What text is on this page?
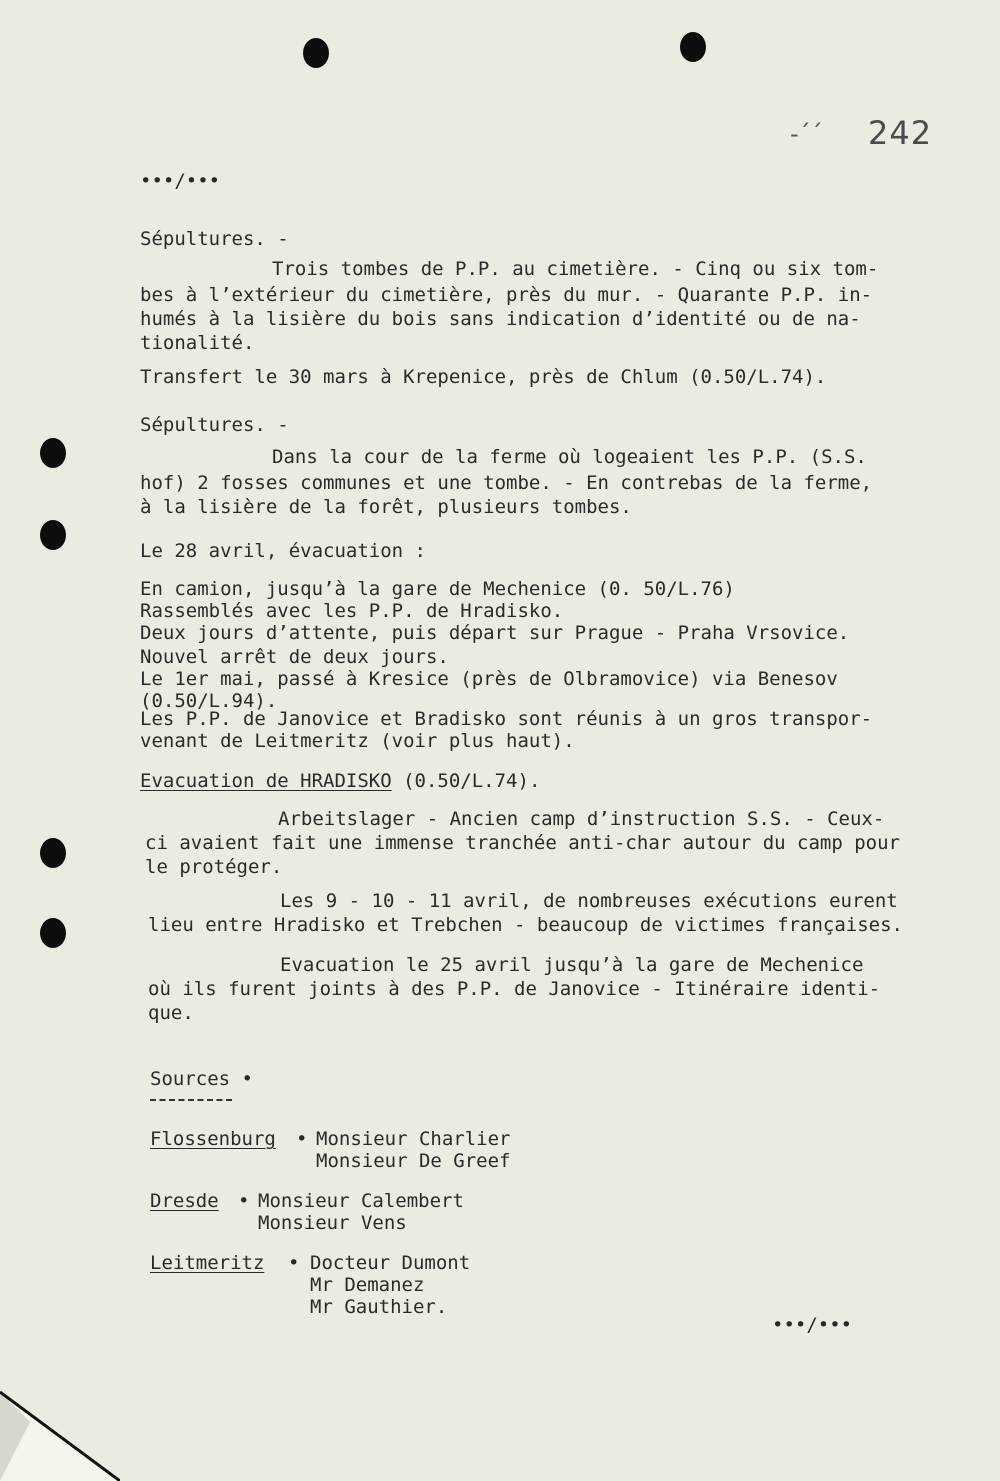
-´´ 242
•••/•••
Sépultures. -
Trois tombes de P.P. au cimetière. - Cinq ou six tom-
bes à l’extérieur du cimetière, près du mur. - Quarante P.P. in-
humés à la lisière du bois sans indication d’identité ou de na-
tionalité.
Transfert le 30 mars à Krepenice, près de Chlum (0.50/L.74).
Sépultures. -
Dans la cour de la ferme où logeaient les P.P. (S.S.
hof) 2 fosses communes et une tombe. - En contrebas de la ferme,
à la lisière de la forêt, plusieurs tombes.
Le 28 avril, évacuation :
En camion, jusqu’à la gare de Mechenice (0. 50/L.76)
Rassemblés avec les P.P. de Hradisko.
Deux jours d’attente, puis départ sur Prague - Praha Vrsovice.
Nouvel arrêt de deux jours.
Le 1er mai, passé à Kresice (près de Olbramovice) via Benesov
(0.50/L.94).
Les P.P. de Janovice et Bradisko sont réunis à un gros transpor-
venant de Leitmeritz (voir plus haut).
Evacuation de HRADISKO (0.50/L.74).
Arbeitslager - Ancien camp d’instruction S.S. - Ceux-
ci avaient fait une immense tranchée anti-char autour du camp pour
le protéger.
Les 9 - 10 - 11 avril, de nombreuses exécutions eurent
lieu entre Hradisko et Trebchen - beaucoup de victimes françaises.
Evacuation le 25 avril jusqu’à la gare de Mechenice
où ils furent joints à des P.P. de Janovice - Itinéraire identi-
que.
Sources •
Flossenburg • Monsieur Charlier
Monsieur De Greef
Dresde • Monsieur Calembert
Monsieur Vens
Leitmeritz • Docteur Dumont
Mr Demanez
Mr Gauthier.
•••/•••
